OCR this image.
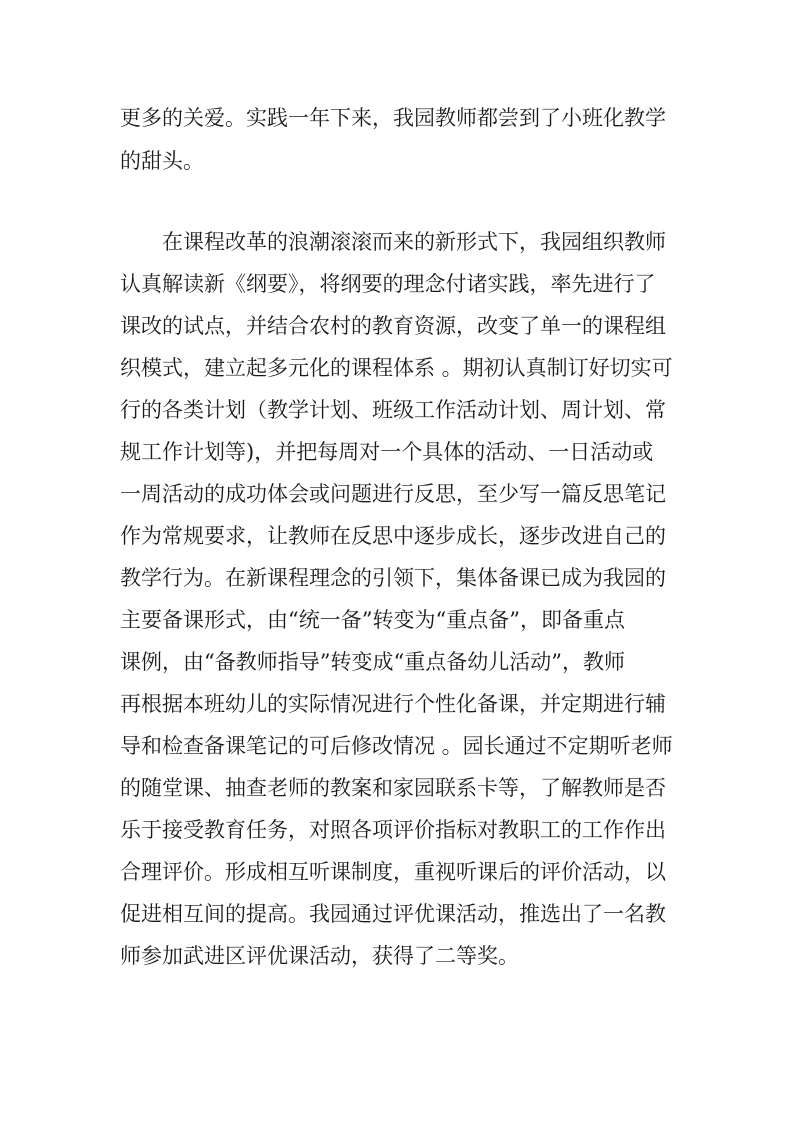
更多的关爱。实践一年下来，我园教师都尝到了小班化教学

的甜头。

在课程改革的浪潮滚滚而来的新形式下，我园组织教师

认真解读新《纲要》，将纲要的理念付诸实践，率先进行了

课改的试点，并结合农村的教育资源，改变了单一的课程组

织模式，建立起多元化的课程体系 。期初认真制订好切实可

行的各类计划（教学计划、班级工作活动计划、周计划、常

规工作计划等)，并把每周对一个具体的活动、一日活动或

一周活动的成功体会或问题进行反思，至少写一篇反思笔记

作为常规要求，让教师在反思中逐步成长，逐步改进自己的

教学行为。在新课程理念的引领下，集体备课已成为我园的

主要备课形式，由“统一备”转变为“重点备”，即备重点

课例，由“备教师指导”转变成“重点备幼儿活动”，教师

再根据本班幼儿的实际情况进行个性化备课，并定期进行辅

导和检查备课笔记的可后修改情况 。园长通过不定期听老师

的随堂课、抽查老师的教案和家园联系卡等，了解教师是否

乐于接受教育任务，对照各项评价指标对教职工的工作作出

合理评价。形成相互听课制度，重视听课后的评价活动，以

促进相互间的提高。我园通过评优课活动，推选出了一名教

师参加武进区评优课活动，获得了二等奖。
